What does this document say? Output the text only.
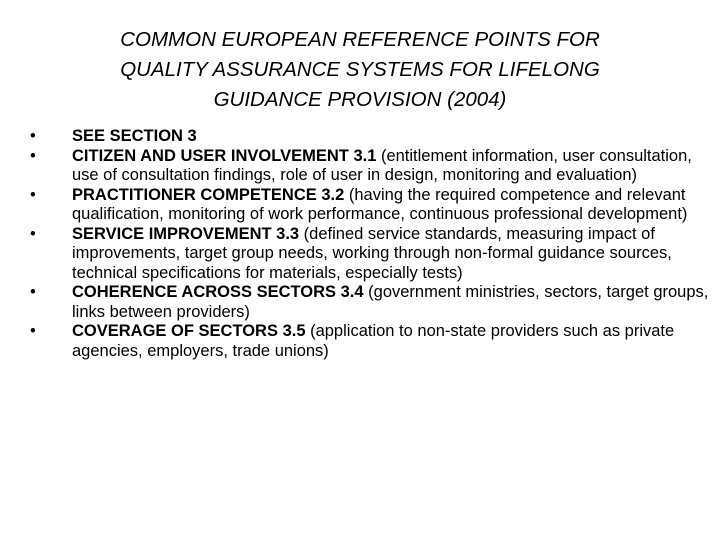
COMMON EUROPEAN REFERENCE POINTS FOR
QUALITY ASSURANCE SYSTEMS FOR LIFELONG
GUIDANCE PROVISION (2004)
•	SEE SECTION 3
•	CITIZEN AND USER INVOLVEMENT 3.1 (entitlement information, user consultation, use of consultation findings, role of user in design, monitoring and evaluation)
•	PRACTITIONER COMPETENCE 3.2 (having the required competence and relevant qualification, monitoring of work performance, continuous professional development)
•	SERVICE IMPROVEMENT 3.3 (defined service standards, measuring impact of improvements, target group needs, working through non-formal guidance sources, technical specifications for materials, especially tests)
•	COHERENCE ACROSS SECTORS 3.4 (government ministries, sectors, target groups, links between providers)
•	COVERAGE OF SECTORS 3.5 (application to non-state providers such as private agencies, employers, trade unions)
